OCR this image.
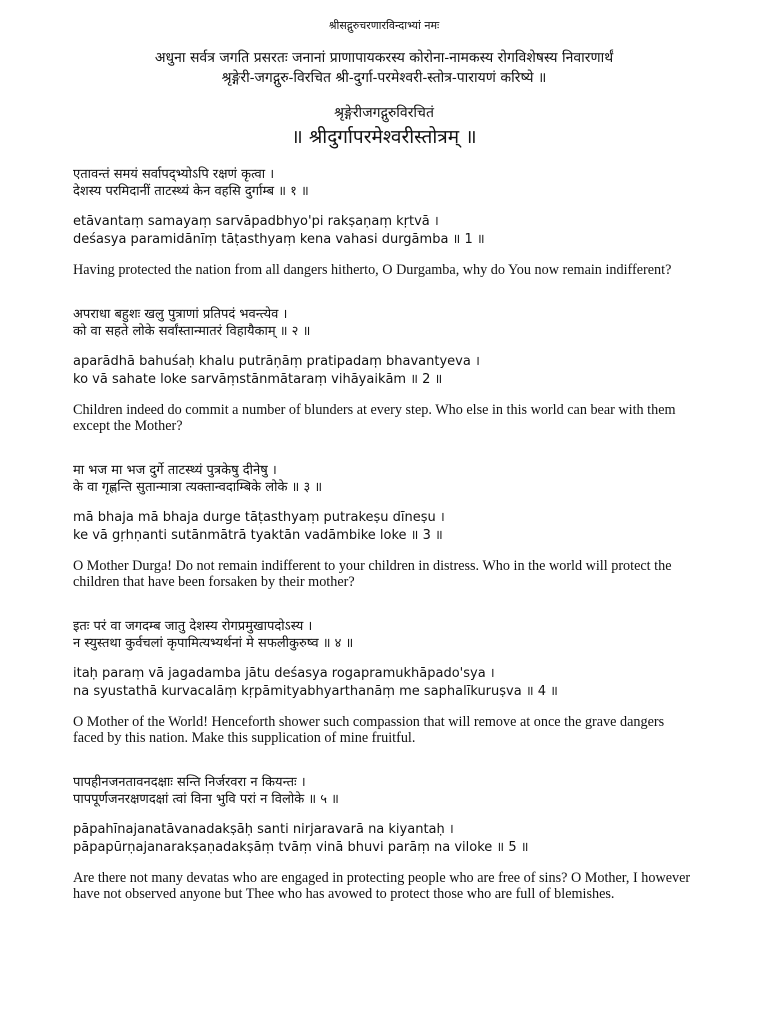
श्रीसद्गुरुचरणारविन्दाभ्यां नमः
अधुना सर्वत्र जगति प्रसरतः जनानां प्राणापायकरस्य कोरोना-नामकस्य रोगविशेषस्य निवारणार्थं
श्रृङ्गेरी-जगद्गुरु-विरचित श्री-दुर्गा-परमेश्वरी-स्तोत्र-पारायणं करिष्ये ॥
श्रृङ्गेरीजगद्गुरुविरचितं
॥ श्रीदुर्गापरमेश्वरीस्तोत्रम् ॥
एतावन्तं समयं सर्वापद्भ्योऽपि रक्षणं कृत्वा ।
देशस्य परमिदानीं ताटस्थ्यं केन वहसि दुर्गाम्ब ॥ १ ॥
etāvantaṃ samayaṃ sarvāpadbhyo'pi rakṣaṇaṃ kṛtvā ।
deśasya paramidānīṃ tāṭasthyaṃ kena vahasi durgāmba ॥ 1 ॥

Having protected the nation from all dangers hitherto, O Durgamba, why do You now remain indifferent?

अपराधा बहुशः खलु पुत्राणां प्रतिपदं भवन्त्येव ।
को वा सहते लोके सर्वांस्तान्मातरं विहायैकाम् ॥ २ ॥
aparādhā bahuśaḥ khalu putrāṇāṃ pratipadaṃ bhavantyeva ।
ko vā sahate loke sarvāṃstānmātaraṃ vihāyaikām ॥ 2 ॥

Children indeed do commit a number of blunders at every step. Who else in this world can bear with them except the Mother?

मा भज मा भज दुर्गे ताटस्थ्यं पुत्रकेषु दीनेषु ।
के वा गृह्णन्ति सुतान्मात्रा त्यक्तान्वदाम्बिके लोके ॥ ३ ॥
mā bhaja mā bhaja durge tāṭasthyaṃ putrakeṣu dīneṣu ।
ke vā gṛhṇanti sutānmātrā tyaktān vadāmbike loke ॥ 3 ॥

O Mother Durga! Do not remain indifferent to your children in distress. Who in the world will protect the children that have been forsaken by their mother?

इतः परं वा जगदम्ब जातु देशस्य रोगप्रमुखापदोऽस्य ।
न स्युस्तथा कुर्वचलां कृपामित्यभ्यर्थनां मे सफलीकुरुष्व ॥ ४ ॥
itaḥ paraṃ vā jagadamba jātu deśasya rogapramukhāpado'sya ।
na syustathā kurvacalāṃ kṛpāmityabhyarthanāṃ me saphalīkuruṣva ॥ 4 ॥

O Mother of the World! Henceforth shower such compassion that will remove at once the grave dangers faced by this nation. Make this supplication of mine fruitful.

पापहीनजनतावनदक्षाः सन्ति निर्जरवरा न कियन्तः ।
पापपूर्णजनरक्षणदक्षां त्वां विना भुवि परां न विलोके ॥ ५ ॥
pāpahīnajanatāvanadakṣāḥ santi nirjaravarā na kiyantaḥ ।
pāpapūrṇajanarakṣaṇadakṣāṃ tvāṃ vinā bhuvi parāṃ na viloke ॥ 5 ॥

Are there not many devatas who are engaged in protecting people who are free of sins? O Mother, I however have not observed anyone but Thee who has avowed to protect those who are full of blemishes.
